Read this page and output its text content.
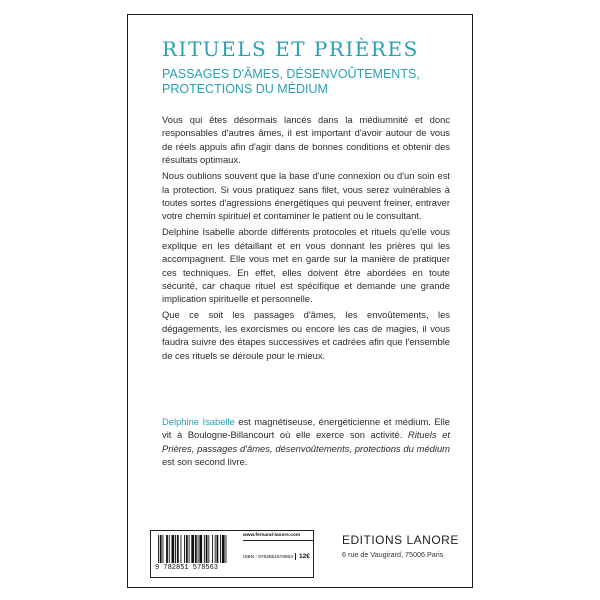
RITUELS ET PRIÈRES
PASSAGES D'ÂMES, DÉSENVOÛTEMENTS,
PROTECTIONS DU MÉDIUM

Vous qui êtes désormais lancés dans la médiumnité et donc responsables d'autres âmes, il est important d'avoir autour de vous de réels appuis afin d'agir dans de bonnes conditions et obtenir des résultats optimaux.

Nous oublions souvent que la base d'une connexion ou d'un soin est la protection. Si vous pratiquez sans filet, vous serez vulnérables à toutes sortes d'agressions énergétiques qui peuvent freiner, entraver votre chemin spirituel et contaminer le patient ou le consultant.

Delphine Isabelle aborde différents protocoles et rituels qu'elle vous explique en les détaillant et en vous donnant les prières qui les accompagnent. Elle vous met en garde sur la manière de pratiquer ces techniques. En effet, elles doivent être abordées en toute sécurité, car chaque rituel est spécifique et demande une grande implication spirituelle et personnelle.

Que ce soit les passages d'âmes, les envoûtements, les dégagements, les exorcismes ou encore les cas de magies, il vous faudra suivre des étapes successives et cadrées afin que l'ensemble de ces rituels se déroule pour le mieux.

Delphine Isabelle est magnétiseuse, énergéticienne et médium. Elle vit à Boulogne-Billancourt où elle exerce son activité. Rituels et Prières, passages d'âmes, désenvoûtements, protections du médium est son second livre.
9 782851 578563
www.fernand-lanore.com
ISBN : 9782851578563 12€
EDITIONS LANORE
6 rue de Vaugirard, 75006 Paris
